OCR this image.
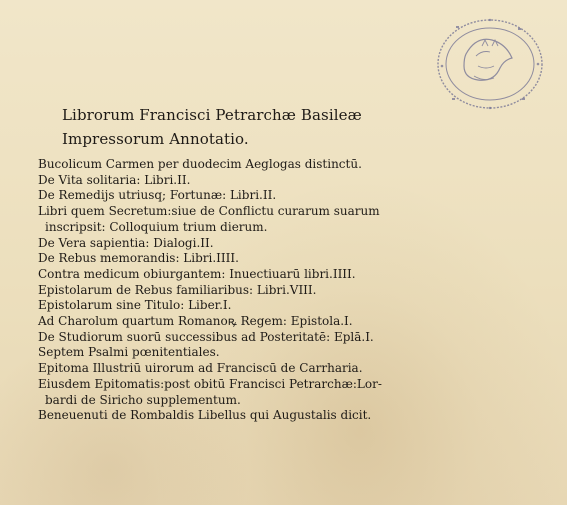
Librorum Francisci Petrarchæ Basileæ
Impressorum Annotatio.
Bucolicum Carmen per duodecim Aeglogas distinctū.
De Vita solitaria: Libri.II.
De Remedijs utriusq; Fortunæ: Libri.II.
Libri quem Secretum:siue de Conflictu curarum suarum
inscripsit: Colloquium trium dierum.
De Vera sapientia: Dialogi.II.
De Rebus memorandis: Libri.IIII.
Contra medicum obiurgantem: Inuectiuarū libri.IIII.
Epistolarum de Rebus familiaribus: Libri.VIII.
Epistolarum sine Titulo: Liber.I.
Ad Charolum quartum Romanoꝶ Regem: Epistola.I.
De Studiorum suorū successibus ad Posteritatē: Eplā.I.
Septem Psalmi pœnitentiales.
Epitoma Illustriū uirorum ad Franciscū de Carrharia.
Eiusdem Epitomatis:post obitū Francisci Petrarchæ:Lor-
bardi de Siricho supplementum.
Beneuenuti de Rombaldis Libellus qui Augustalis dicit.
